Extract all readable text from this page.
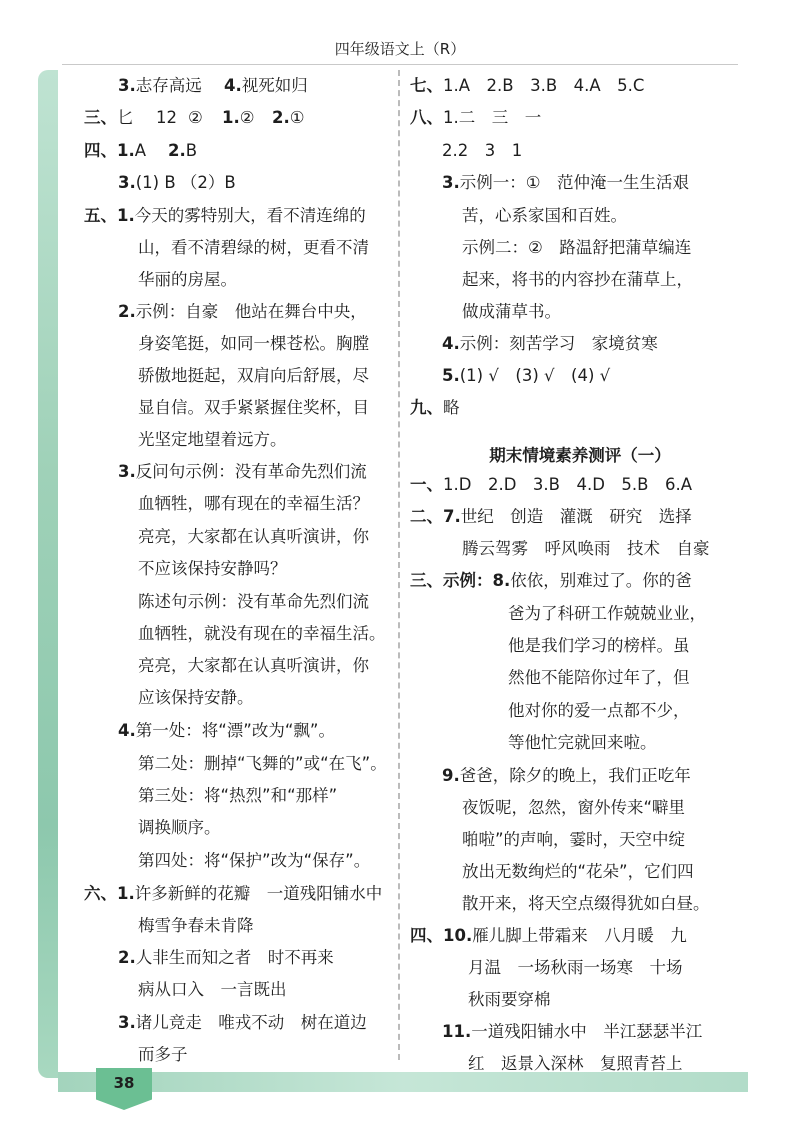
四年级语文上（R）
3.志存高远 4.视死如归
三、匕 12 ② 1.② 2.①
四、1.A 2.B
3.(1) B （2）B
五、1.今天的雾特别大，看不清连绵的
山，看不清碧绿的树，更看不清
华丽的房屋。
2.示例：自豪　他站在舞台中央，
身姿笔挺，如同一棵苍松。胸膛
骄傲地挺起，双肩向后舒展，尽
显自信。双手紧紧握住奖杯，目
光坚定地望着远方。
3.反问句示例：没有革命先烈们流
血牺牲，哪有现在的幸福生活？
亮亮，大家都在认真听演讲，你
不应该保持安静吗？
陈述句示例：没有革命先烈们流
血牺牲，就没有现在的幸福生活。
亮亮，大家都在认真听演讲，你
应该保持安静。
4.第一处：将“漂”改为“飘”。
第二处：删掉“飞舞的”或“在飞”。
第三处：将“热烈”和“那样”
调换顺序。
第四处：将“保护”改为“保存”。
六、1.许多新鲜的花瓣　一道残阳铺水中
梅雪争春未肯降
2.人非生而知之者　时不再来
病从口入　一言既出
3.诸儿竞走　唯戎不动　树在道边
而多子
七、1.A　2.B　3.B　4.A　5.C
八、1.二　三　一
2.2　3　1
3.示例一：①　范仲淹一生生活艰
苦，心系家国和百姓。
示例二：②　路温舒把蒲草编连
起来，将书的内容抄在蒲草上，
做成蒲草书。
4.示例：刻苦学习　家境贫寒
5.(1) √　(3) √　(4) √
九、略
期末情境素养测评（一）
一、1.D　2.D　3.B　4.D　5.B　6.A
二、7.世纪　创造　灌溉　研究　选择
腾云驾雾　呼风唤雨　技术　自豪
三、示例：8.依依，别难过了。你的爸
爸为了科研工作兢兢业业，
他是我们学习的榜样。虽
然他不能陪你过年了，但
他对你的爱一点都不少，
等他忙完就回来啦。
9.爸爸，除夕的晚上，我们正吃年
夜饭呢，忽然，窗外传来“噼里
啪啦”的声响，霎时，天空中绽
放出无数绚烂的“花朵”，它们四
散开来，将天空点缀得犹如白昼。
四、10.雁儿脚上带霜来　八月暖　九
月温　一场秋雨一场寒　十场
秋雨要穿棉
11.一道残阳铺水中　半江瑟瑟半江
红　返景入深林　复照青苔上
38
